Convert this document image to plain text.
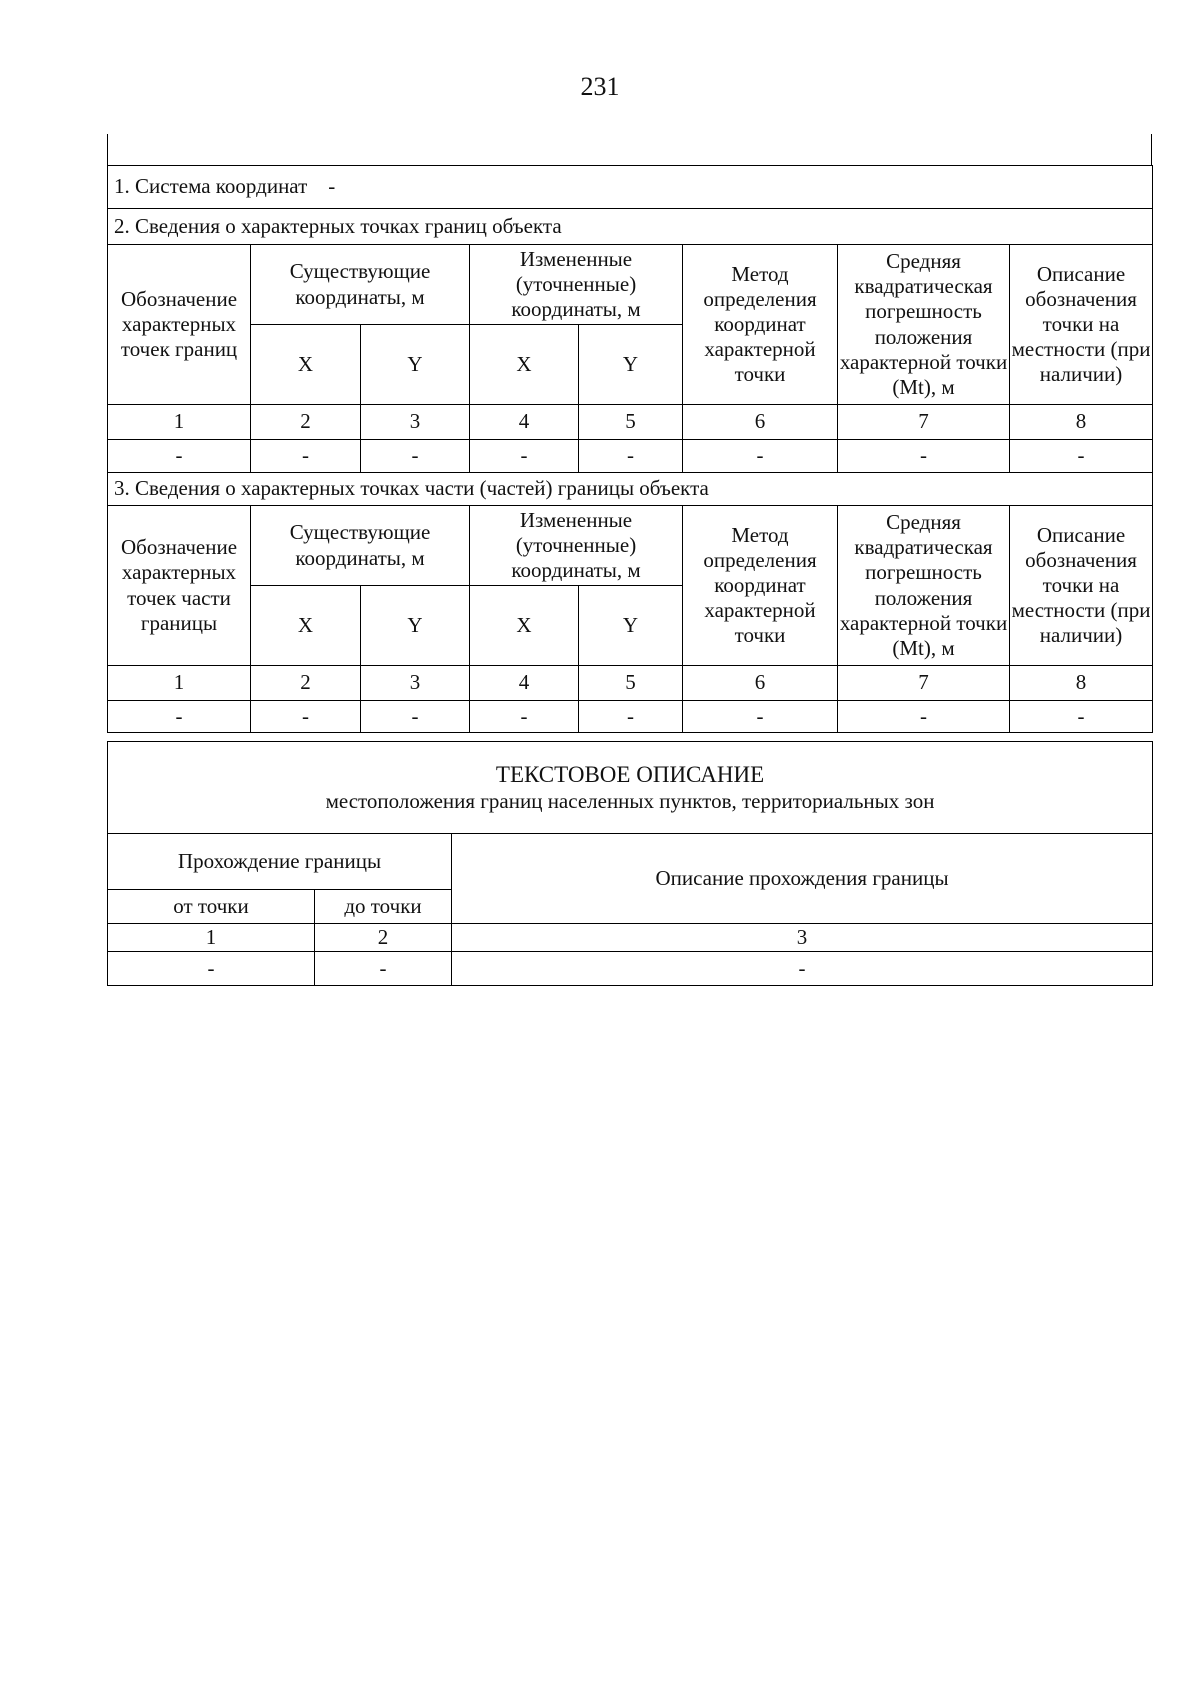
231
1. Система координат -							
2. Сведения о характерных точках границ объекта							
Обозначение характерных точек границ	Существующие координаты, м		Измененные (уточненные) координаты, м		Метод определения координат характерной точки	Средняя квадратическая погрешность положения характерной точки (Mt), м	Описание обозначения точки на местности (при наличии)
	X	Y	X	Y			
1	2	3	4	5	6	7	8
-	-	-	-	-	-	-	-
3. Сведения о характерных точках части (частей) границы объекта							
Обозначение характерных точек части границы	Существующие координаты, м		Измененные (уточненные) координаты, м		Метод определения координат характерной точки	Средняя квадратическая погрешность положения характерной точки (Mt), м	Описание обозначения точки на местности (при наличии)
	X	Y	X	Y			
1	2	3	4	5	6	7	8
-	-	-	-	-	-	-	-
ТЕКСТОВОЕ ОПИСАНИЕ
местоположения границ населенных пунктов, территориальных зон		

Прохождение границы		Описание прохождения границы
от точки	до точки	
1	2	3
-	-	-
